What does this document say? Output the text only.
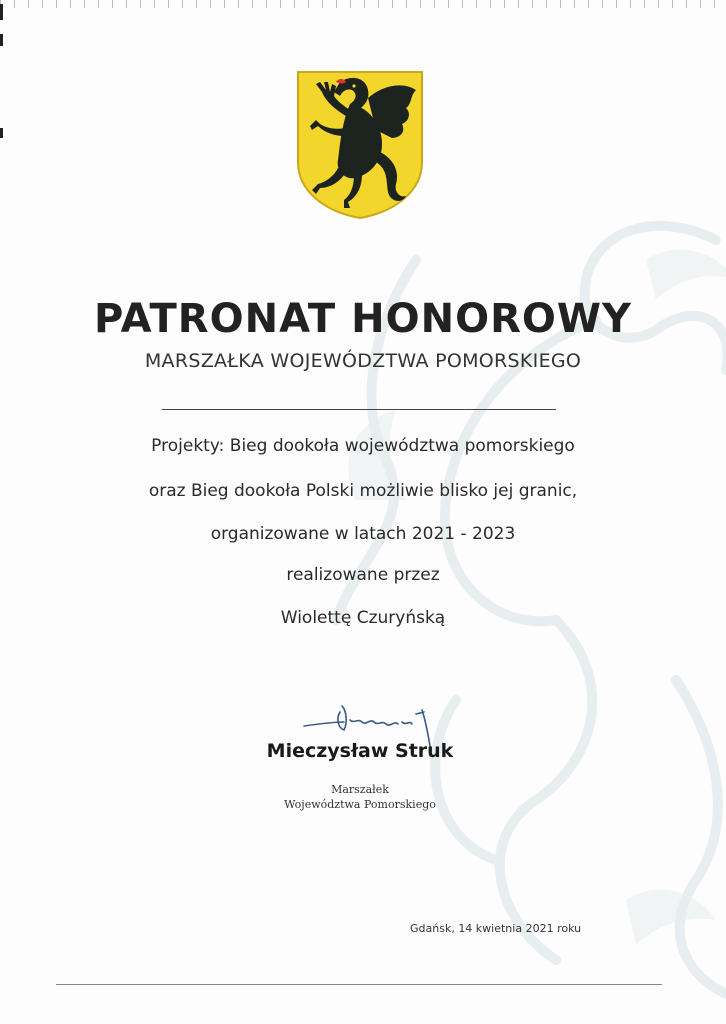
PATRONAT HONOROWY
MARSZAŁKA WOJEWÓDZTWA POMORSKIEGO
Projekty: Bieg dookoła województwa pomorskiego
oraz Bieg dookoła Polski możliwie blisko jej granic,
organizowane w latach 2021 - 2023
realizowane przez
Wiolettę Czuryńską
Mieczysław Struk
Marszałek
Województwa Pomorskiego
Gdańsk, 14 kwietnia 2021 roku
